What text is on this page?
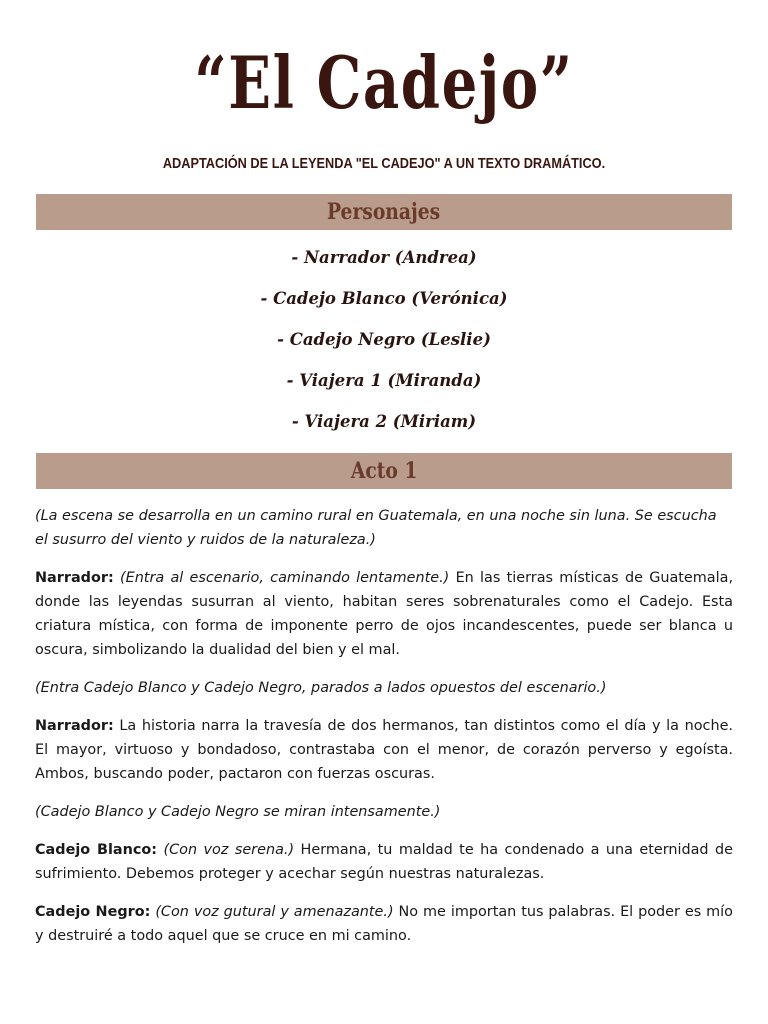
“El Cadejo”
ADAPTACIÓN DE LA LEYENDA "EL CADEJO" A UN TEXTO DRAMÁTICO.
Personajes
- Narrador (Andrea)
- Cadejo Blanco (Verónica)
- Cadejo Negro (Leslie)
- Viajera 1 (Miranda)
- Viajera 2 (Miriam)
Acto 1

(La escena se desarrolla en un camino rural en Guatemala, en una noche sin luna. Se escucha el susurro del viento y ruidos de la naturaleza.)

Narrador: (Entra al escenario, caminando lentamente.) En las tierras místicas de Guatemala, donde las leyendas susurran al viento, habitan seres sobrenaturales como el Cadejo. Esta criatura mística, con forma de imponente perro de ojos incandescentes, puede ser blanca u oscura, simbolizando la dualidad del bien y el mal.

(Entra Cadejo Blanco y Cadejo Negro, parados a lados opuestos del escenario.)

Narrador: La historia narra la travesía de dos hermanos, tan distintos como el día y la noche. El mayor, virtuoso y bondadoso, contrastaba con el menor, de corazón perverso y egoísta. Ambos, buscando poder, pactaron con fuerzas oscuras.

(Cadejo Blanco y Cadejo Negro se miran intensamente.)

Cadejo Blanco: (Con voz serena.) Hermana, tu maldad te ha condenado a una eternidad de sufrimiento. Debemos proteger y acechar según nuestras naturalezas.

Cadejo Negro: (Con voz gutural y amenazante.) No me importan tus palabras. El poder es mío y destruiré a todo aquel que se cruce en mi camino.
